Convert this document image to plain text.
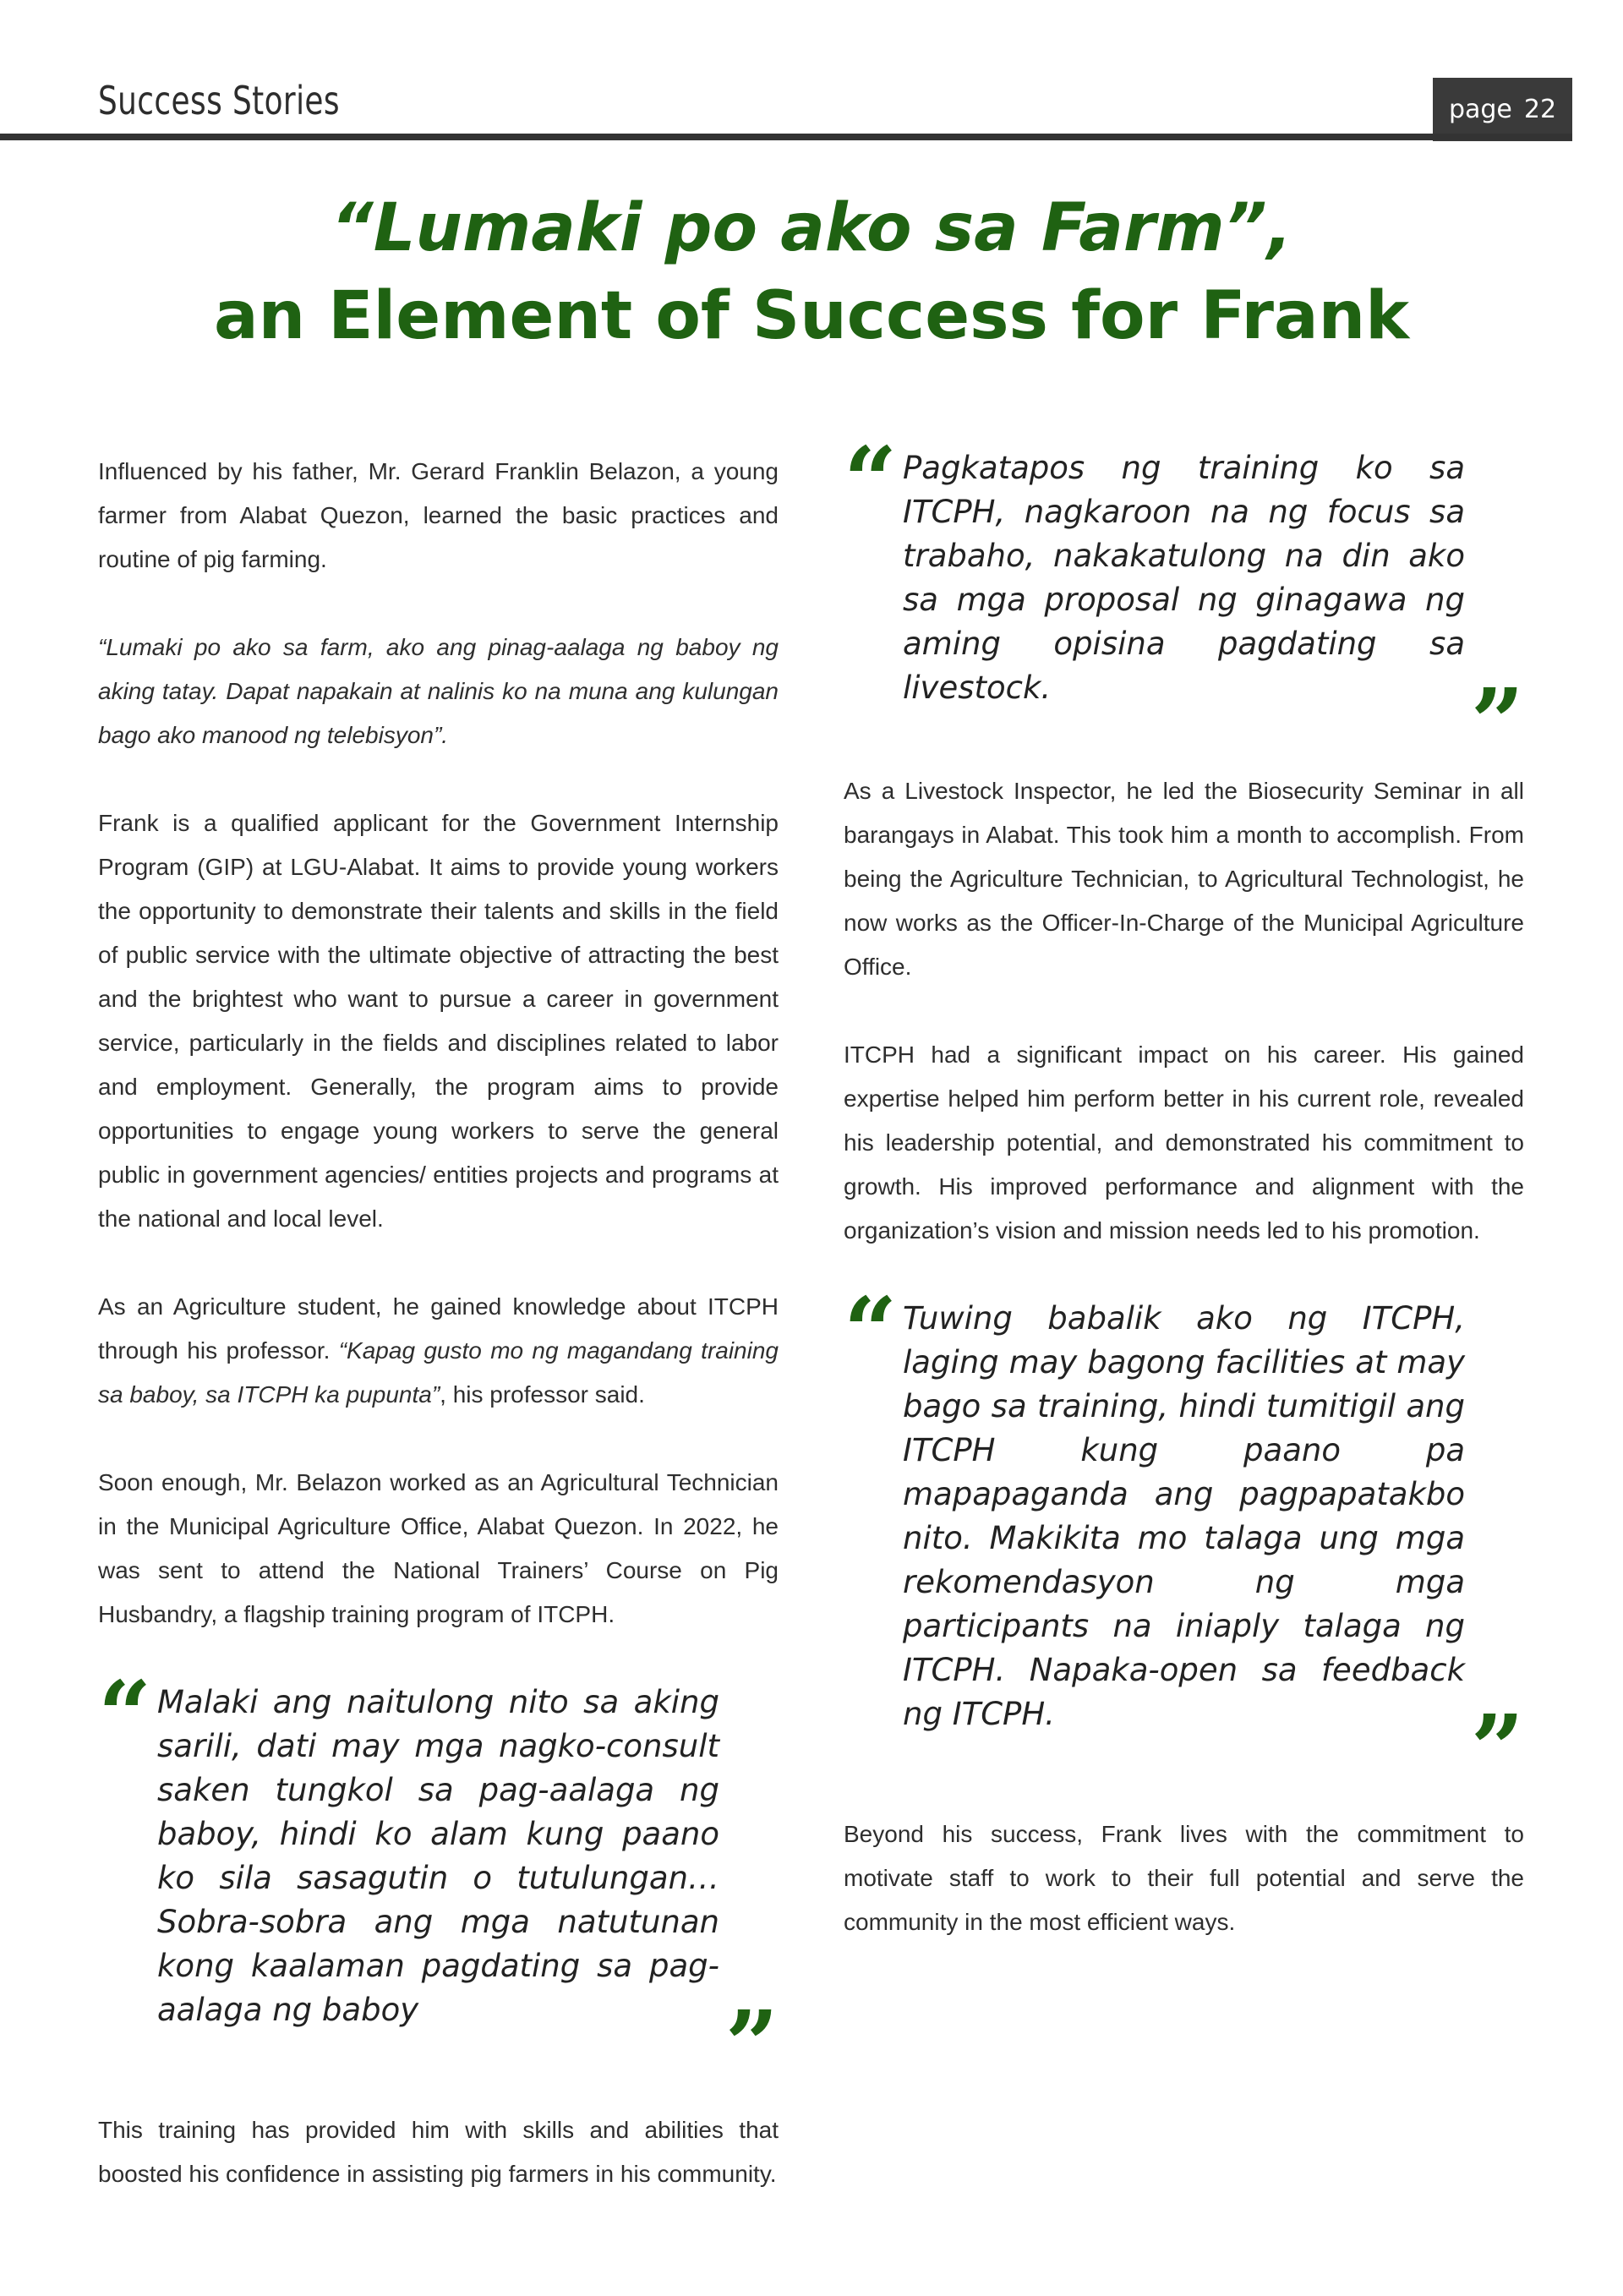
Success Stories	page 22
“Lumaki po ako sa Farm”,
an Element of Success for Frank

Influenced by his father, Mr. Gerard Franklin Belazon, a young farmer from Alabat Quezon, learned the basic practices and routine of pig farming.

“Lumaki po ako sa farm, ako ang pinag-aalaga ng baboy ng aking tatay. Dapat napakain at nalinis ko na muna ang kulungan bago ako manood ng telebisyon”.

Frank is a qualified applicant for the Government Internship Program (GIP) at LGU-Alabat. It aims to provide young workers the opportunity to demonstrate their talents and skills in the field of public service with the ultimate objective of attracting the best and the brightest who want to pursue a career in government service, particularly in the fields and disciplines related to labor and employment. Generally, the program aims to provide opportunities to engage young workers to serve the general public in government agencies/ entities projects and programs at the national and local level.

As an Agriculture student, he gained knowledge about ITCPH through his professor. “Kapag gusto mo ng magandang training sa baboy, sa ITCPH ka pupunta”, his professor said.

Soon enough, Mr. Belazon worked as an Agricultural Technician in the Municipal Agriculture Office, Alabat Quezon. In 2022, he was sent to attend the National Trainers’ Course on Pig Husbandry, a flagship training program of ITCPH.

“ Malaki ang naitulong nito sa aking sarili, dati may mga nagko-consult saken tungkol sa pag-aalaga ng baboy, hindi ko alam kung paano ko sila sasagutin o tutulungan… Sobra-sobra ang mga natutunan kong kaalaman pagdating sa pag-aalaga ng baboy	”

This training has provided him with skills and abilities that boosted his confidence in assisting pig farmers in his community.

“ Pagkatapos ng training ko sa ITCPH, nagkaroon na ng focus sa trabaho, nakakatulong na din ako sa mga proposal ng ginagawa ng aming opisina pagdating sa livestock.	”

As a Livestock Inspector, he led the Biosecurity Seminar in all barangays in Alabat. This took him a month to accomplish. From being the Agriculture Technician, to Agricultural Technologist, he now works as the Officer-In-Charge of the Municipal Agriculture Office.

ITCPH had a significant impact on his career. His gained expertise helped him perform better in his current role, revealed his leadership potential, and demonstrated his commitment to growth. His improved performance and alignment with the organization’s vision and mission needs led to his promotion.

“ Tuwing babalik ako ng ITCPH, laging may bagong facilities at may bago sa training, hindi tumitigil ang ITCPH kung paano pa mapapaganda ang pagpapatakbo nito. Makikita mo talaga ung mga rekomendasyon ng mga participants na iniaply talaga ng ITCPH. Napaka-open sa feedback ng ITCPH.	”

Beyond his success, Frank lives with the commitment to motivate staff to work to their full potential and serve the community in the most efficient ways.
